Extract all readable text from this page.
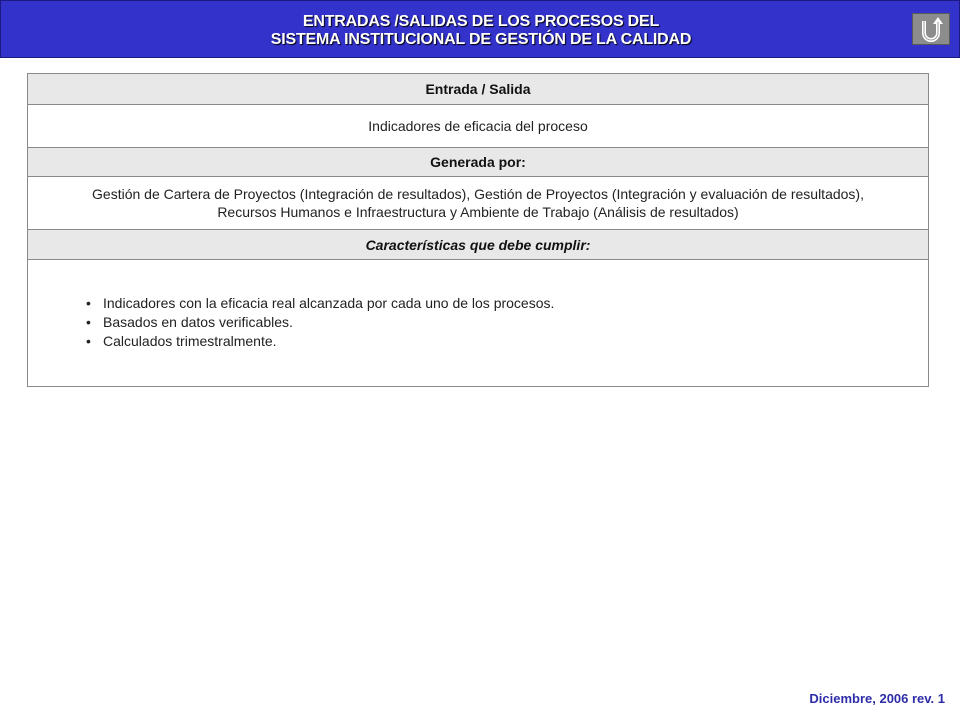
ENTRADAS /SALIDAS DE LOS PROCESOS DEL
SISTEMA INSTITUCIONAL DE GESTIÓN DE LA CALIDAD
Entrada / Salida
Indicadores de eficacia del proceso
Generada por:

Gestión de Cartera de Proyectos (Integración de resultados), Gestión de Proyectos (Integración y evaluación de resultados),
Recursos Humanos e Infraestructura y Ambiente de Trabajo (Análisis de resultados)

Características que debe cumplir:

• Indicadores con la eficacia real alcanzada por cada uno de los procesos.
• Basados en datos verificables.
• Calculados trimestralmente.
Diciembre, 2006 rev. 1
